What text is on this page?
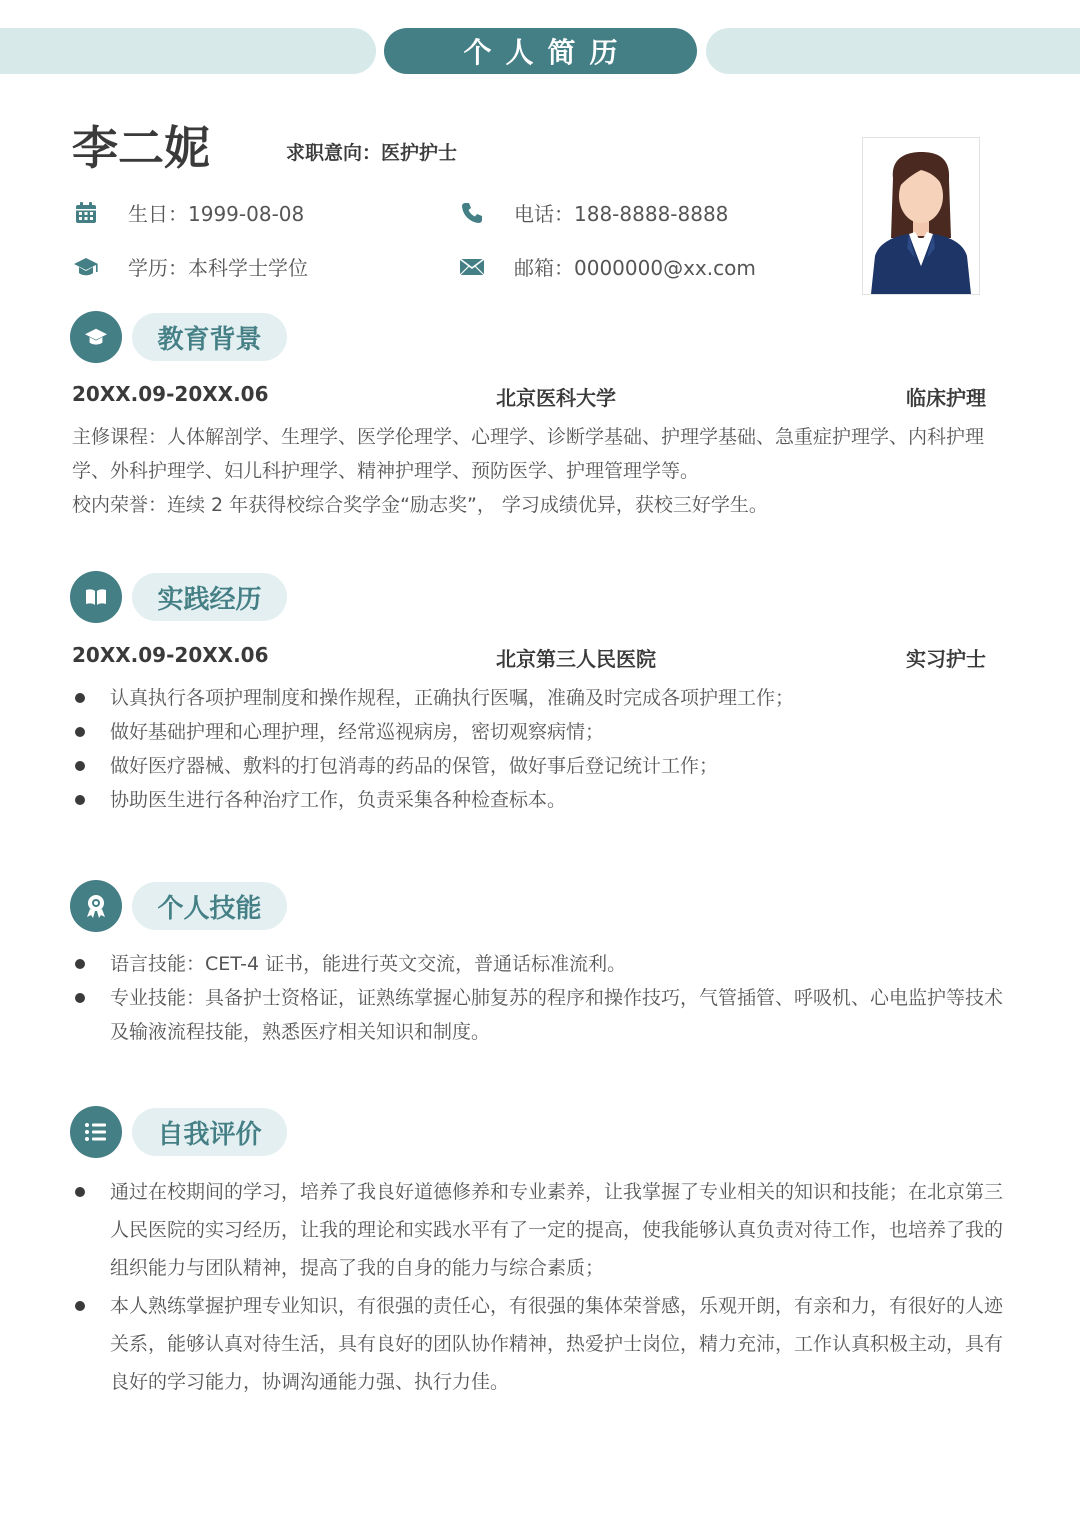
个人简历
李二妮	求职意向：医护护士
生日：1999-08-08	电话：188-8888-8888
学历：本科学士学位	邮箱：0000000@xx.com
教育背景
20XX.09-20XX.06	北京医科大学	临床护理

主修课程：人体解剖学、生理学、医学伦理学、心理学、诊断学基础、护理学基础、急重症护理学、内科护理学、外科护理学、妇儿科护理学、精神护理学、预防医学、护理管理学等。

校内荣誉：连续 2 年获得校综合奖学金“励志奖”， 学习成绩优异，获校三好学生。

实践经历
20XX.09-20XX.06	北京第三人民医院	实习护士
认真执行各项护理制度和操作规程，正确执行医嘱，准确及时完成各项护理工作；
做好基础护理和心理护理，经常巡视病房，密切观察病情；
做好医疗器械、敷料的打包消毒的药品的保管，做好事后登记统计工作；
协助医生进行各种治疗工作，负责采集各种检查标本。
个人技能
语言技能：CET-4 证书，能进行英文交流，普通话标准流利。
专业技能：具备护士资格证，证熟练掌握心肺复苏的程序和操作技巧，气管插管、呼吸机、心电监护等技术及输液流程技能，熟悉医疗相关知识和制度。
自我评价
通过在校期间的学习，培养了我良好道德修养和专业素养，让我掌握了专业相关的知识和技能；在北京第三人民医院的实习经历，让我的理论和实践水平有了一定的提高，使我能够认真负责对待工作，也培养了我的组织能力与团队精神，提高了我的自身的能力与综合素质；
本人熟练掌握护理专业知识，有很强的责任心，有很强的集体荣誉感，乐观开朗，有亲和力，有很好的人迹关系，能够认真对待生活，具有良好的团队协作精神，热爱护士岗位，精力充沛，工作认真积极主动，具有良好的学习能力，协调沟通能力强、执行力佳。
